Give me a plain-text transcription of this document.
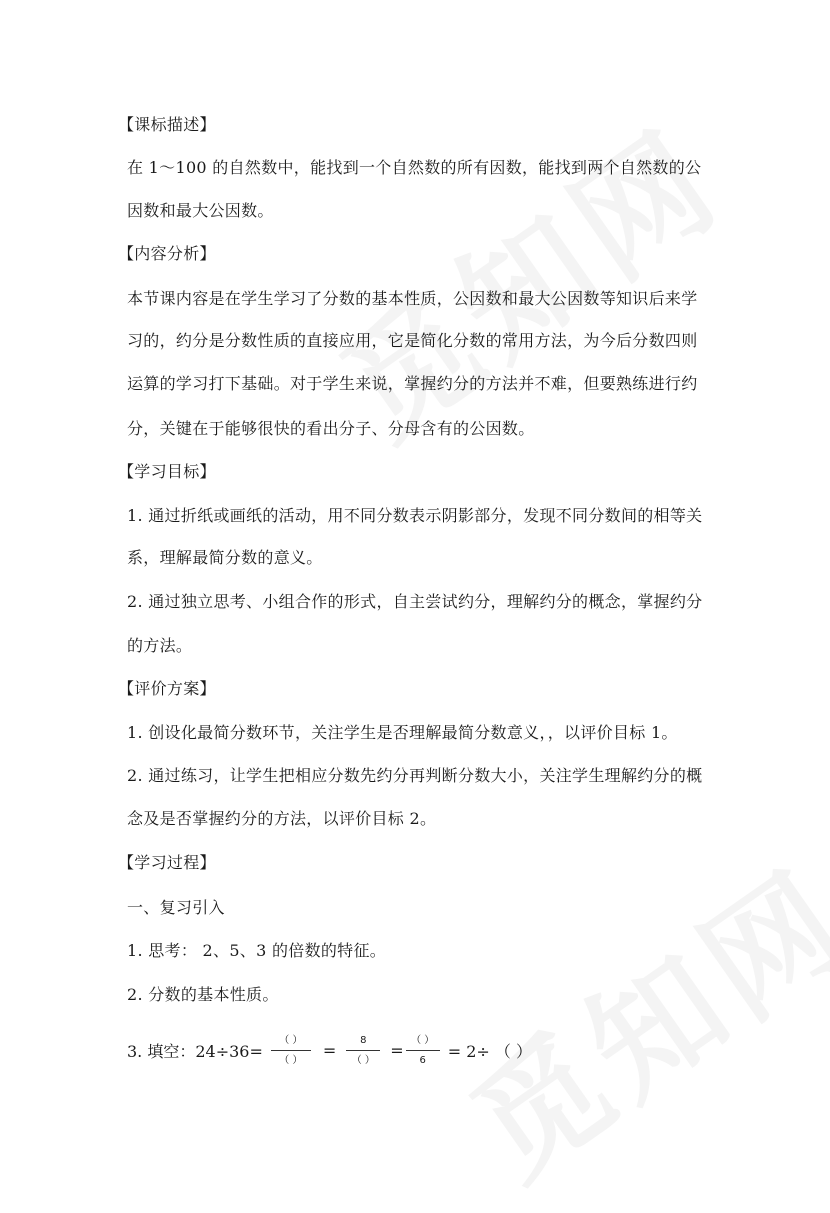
【课标描述】
在 1～100 的自然数中，能找到一个自然数的所有因数，能找到两个自然数的公
因数和最大公因数。
【内容分析】
本节课内容是在学生学习了分数的基本性质，公因数和最大公因数等知识后来学
习的，约分是分数性质的直接应用，它是简化分数的常用方法，为今后分数四则
运算的学习打下基础。对于学生来说，掌握约分的方法并不难，但要熟练进行约
分，关键在于能够很快的看出分子、分母含有的公因数。
【学习目标】
1. 通过折纸或画纸的活动，用不同分数表示阴影部分，发现不同分数间的相等关
系，理解最简分数的意义。
2. 通过独立思考、小组合作的形式，自主尝试约分，理解约分的概念，掌握约分
的方法。
【评价方案】
1. 创设化最简分数环节，关注学生是否理解最简分数意义，，以评价目标 1。
2. 通过练习，让学生把相应分数先约分再判断分数大小，关注学生理解约分的概
念及是否掌握约分的方法，以评价目标 2。
【学习过程】
一、复习引入
1. 思考： 2、5、3 的倍数的特征。
2. 分数的基本性质。
3. 填空：$24\div 36= \frac{( )}{( )} = \frac{8}{( )} = \frac{( )}{6} = 2\div$ （ ）
